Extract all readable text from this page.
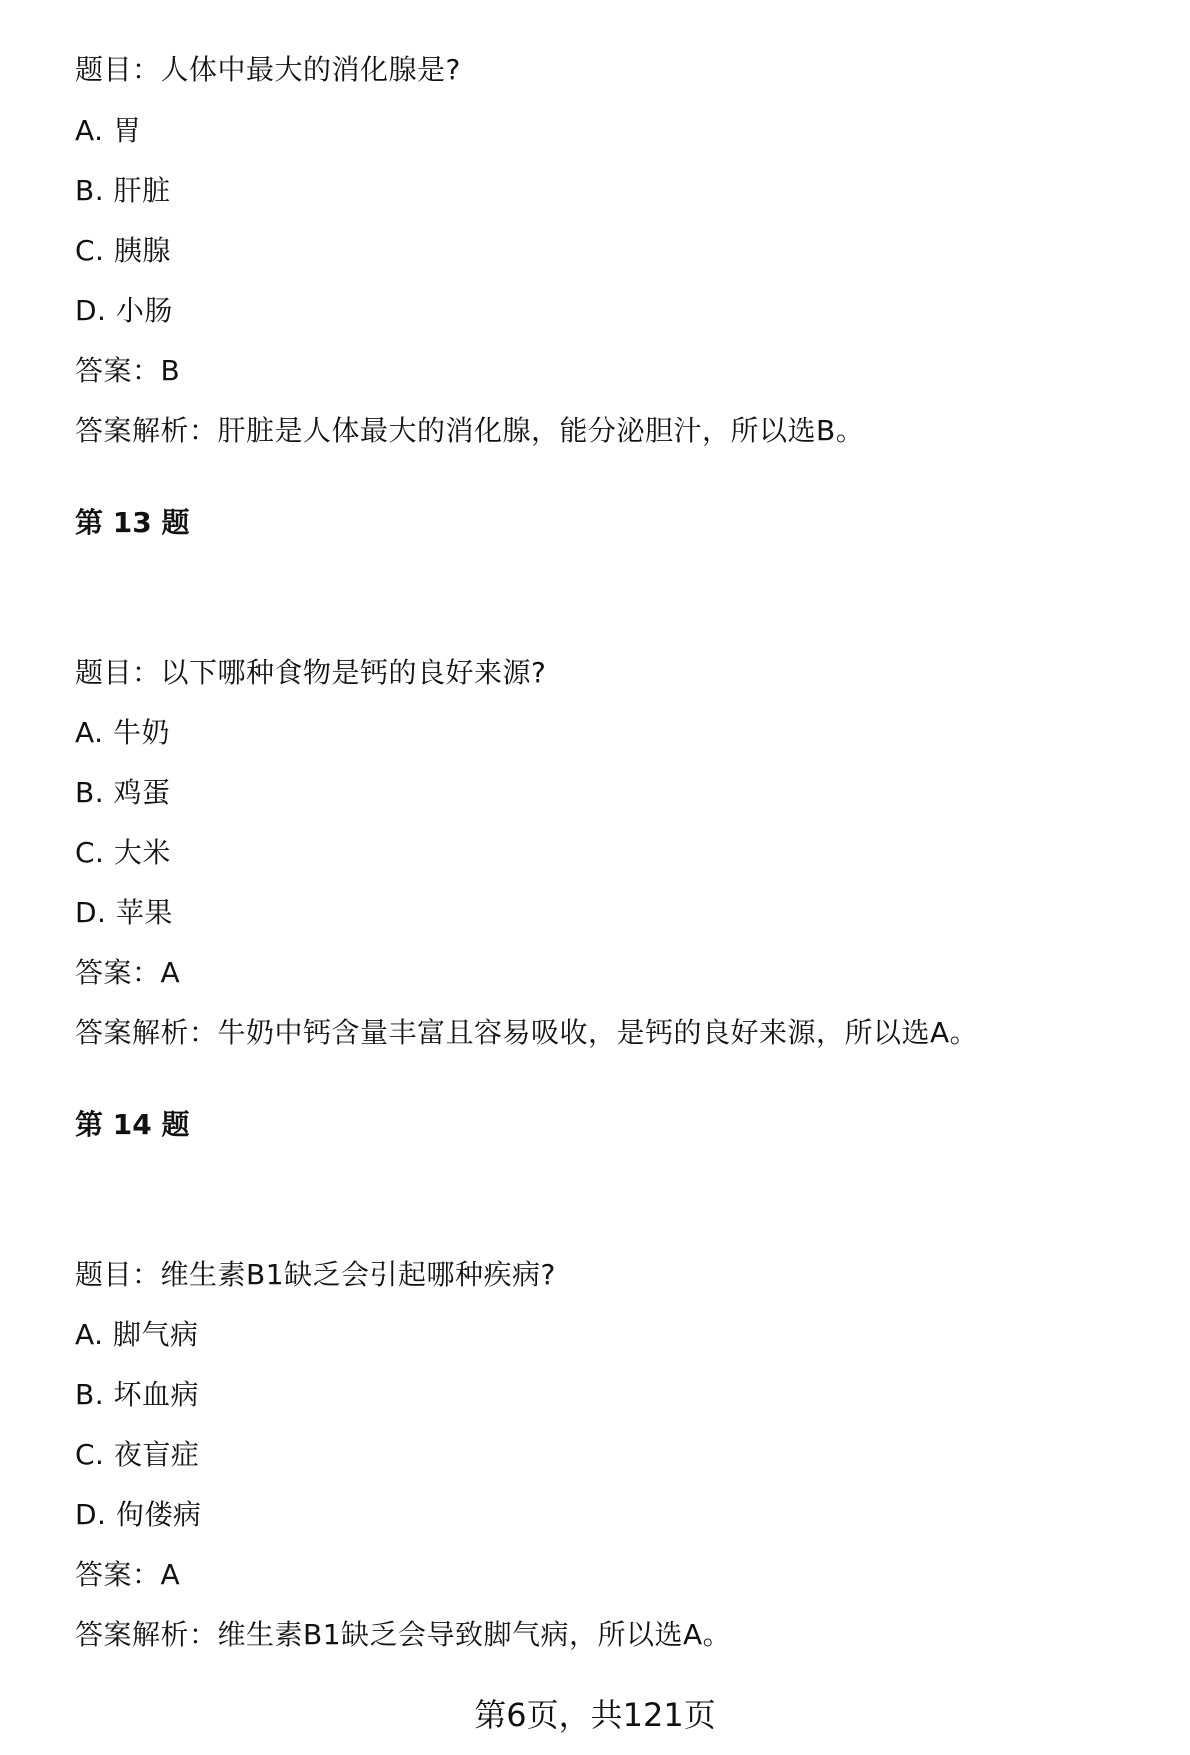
题目：人体中最大的消化腺是?
A. 胃
B. 肝脏
C. 胰腺
D. 小肠
答案：B
答案解析：肝脏是人体最大的消化腺，能分泌胆汁，所以选B。
第 13 题
题目：以下哪种食物是钙的良好来源?
A. 牛奶
B. 鸡蛋
C. 大米
D. 苹果
答案：A
答案解析：牛奶中钙含量丰富且容易吸收，是钙的良好来源，所以选A。
第 14 题
题目：维生素B1缺乏会引起哪种疾病?
A. 脚气病
B. 坏血病
C. 夜盲症
D. 佝偻病
答案：A
答案解析：维生素B1缺乏会导致脚气病，所以选A。
第6页，共121页
